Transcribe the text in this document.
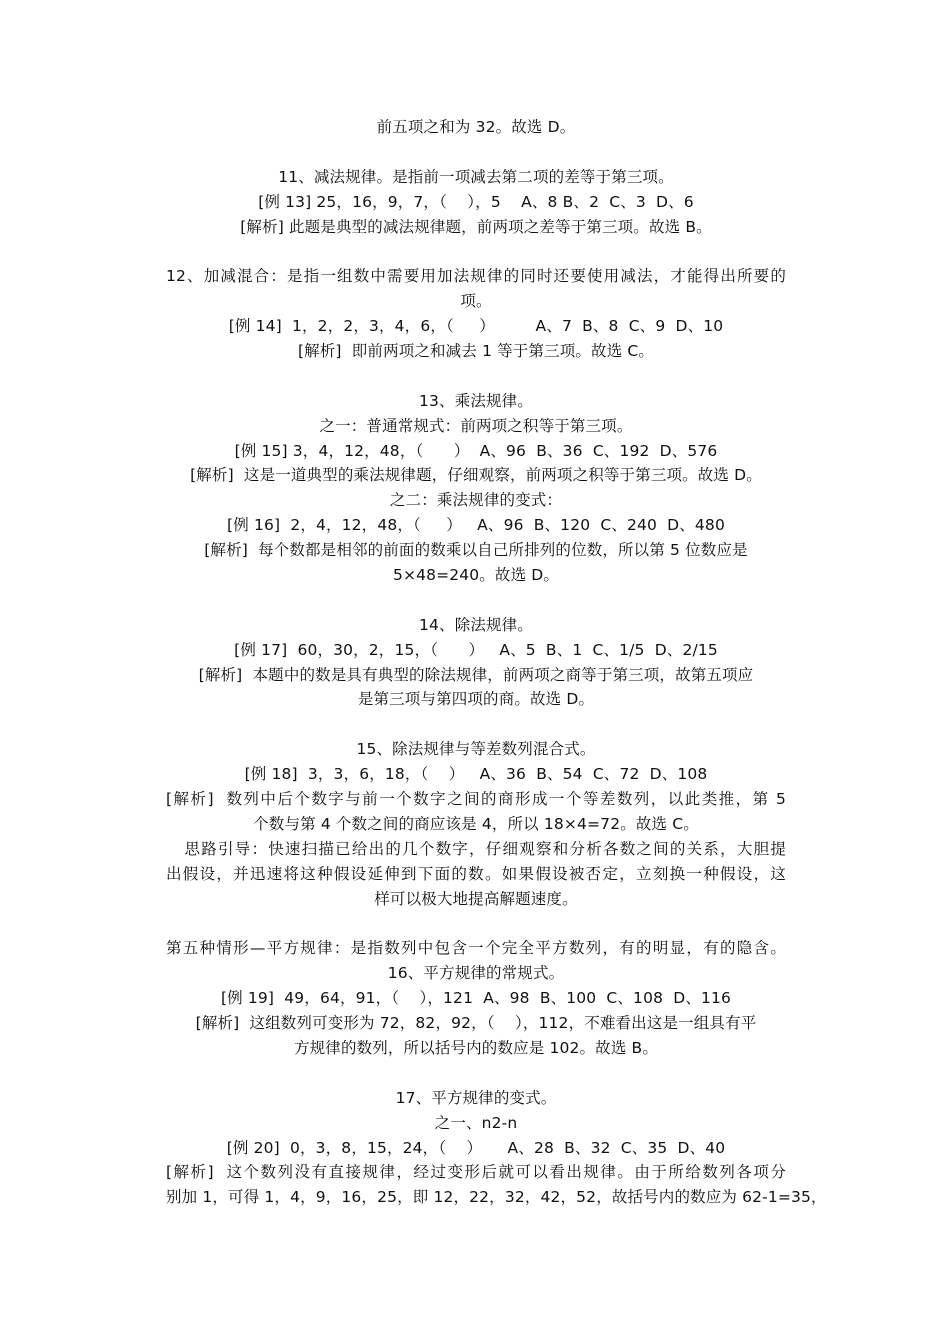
前五项之和为 32。故选 D。
11、减法规律。是指前一项减去第二项的差等于第三项。
[例 13] 25，16，9，7，（    ），5    A、8 B、2  C、3  D、6
[解析] 此题是典型的减法规律题，前两项之差等于第三项。故选 B。
12、加减混合：是指一组数中需要用加法规律的同时还要使用减法，才能得出所要的
项。
[例 14]  1，2，2，3，4，6，（     ）        A、7  B、8  C、9  D、10
[解析]  即前两项之和减去 1 等于第三项。故选 C。
13、乘法规律。
之一：普通常规式：前两项之积等于第三项。
[例 15] 3，4，12，48，（      ）  A、96  B、36  C、192  D、576
[解析]  这是一道典型的乘法规律题，仔细观察，前两项之积等于第三项。故选 D。
之二：乘法规律的变式：
[例 16]  2，4，12，48，（     ）   A、96  B、120  C、240  D、480
[解析]  每个数都是相邻的前面的数乘以自己所排列的位数，所以第 5 位数应是
5×48=240。故选 D。
14、除法规律。
[例 17]  60，30，2，15，（      ）   A、5  B、1  C、1/5  D、2/15
[解析]  本题中的数是具有典型的除法规律，前两项之商等于第三项，故第五项应
是第三项与第四项的商。故选 D。
15、除法规律与等差数列混合式。
[例 18]  3，3，6，18，（    ）   A、36  B、54  C、72  D、108
[解析]  数列中后个数字与前一个数字之间的商形成一个等差数列，以此类推，第 5
个数与第 4 个数之间的商应该是 4，所以 18×4=72。故选 C。
思路引导：快速扫描已给出的几个数字，仔细观察和分析各数之间的关系，大胆提
出假设，并迅速将这种假设延伸到下面的数。如果假设被否定，立刻换一种假设，这
样可以极大地提高解题速度。
第五种情形—平方规律：是指数列中包含一个完全平方数列，有的明显，有的隐含。
16、平方规律的常规式。
[例 19]  49，64，91，（    ），121  A、98  B、100  C、108  D、116
[解析]  这组数列可变形为 72，82，92，（    ），112，不难看出这是一组具有平
方规律的数列，所以括号内的数应是 102。故选 B。
17、平方规律的变式。
之一、n2-n
[例 20]  0，3，8，15，24，（    ）     A、28  B、32  C、35  D、40
[解析]  这个数列没有直接规律，经过变形后就可以看出规律。由于所给数列各项分
别加 1，可得 1，4，9，16，25，即 12，22，32，42，52，故括号内的数应为 62-1=35，
